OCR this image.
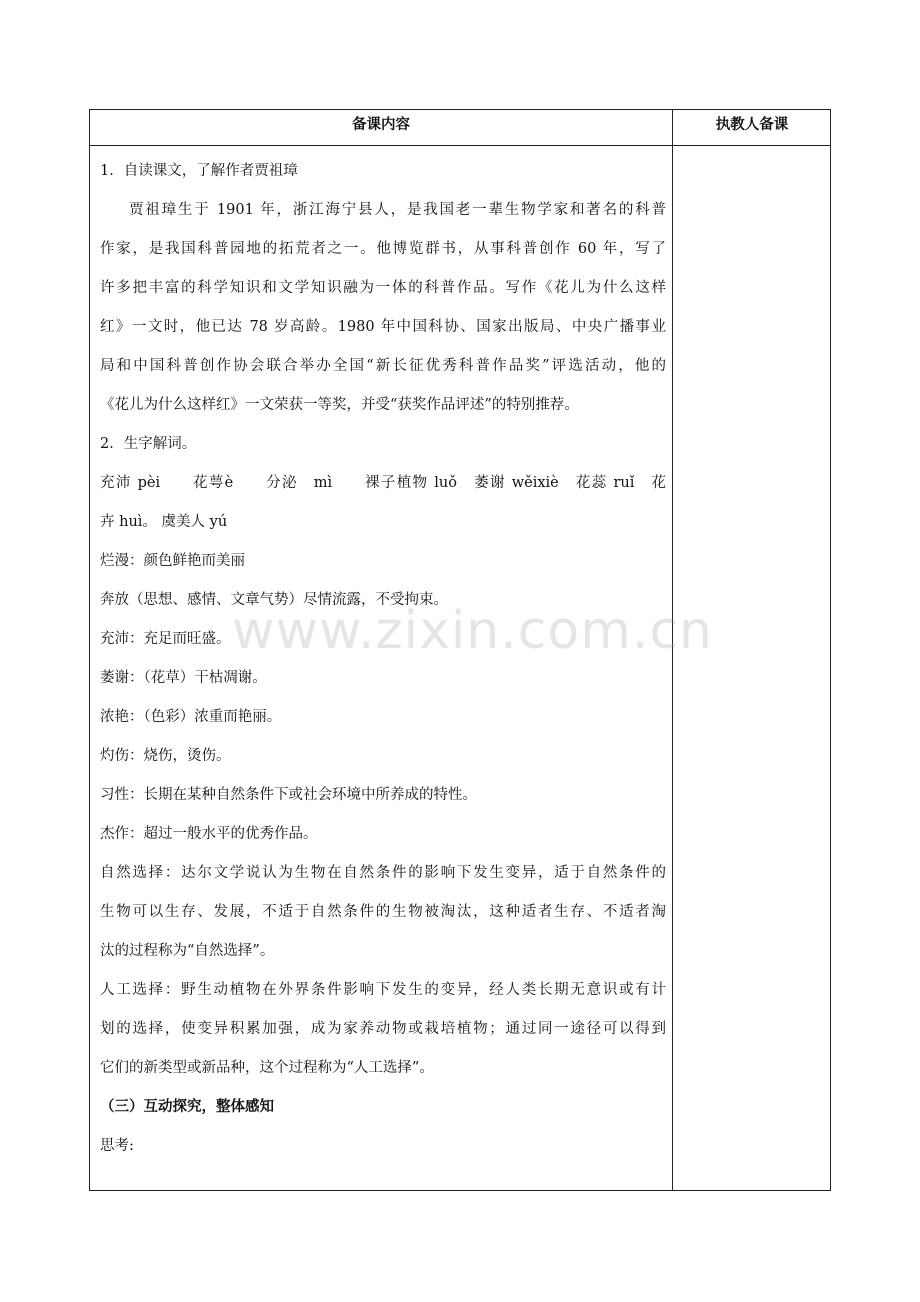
备课内容	执教人备课
1．自读课文，了解作者贾祖璋
贾祖璋生于 1901 年，浙江海宁县人，是我国老一辈生物学家和著名的科普
作家，是我国科普园地的拓荒者之一。他博览群书，从事科普创作 60 年，写了
许多把丰富的科学知识和文学知识融为一体的科普作品。写作《花儿为什么这样
红》一文时，他已达 78 岁高龄。1980 年中国科协、国家出版局、中央广播事业
局和中国科普创作协会联合举办全国“新长征优秀科普作品奖”评选活动，他的
《花儿为什么这样红》一文荣获一等奖，并受“获奖作品评述”的特别推荐。
2．生字解词。
充沛 pèi　　花萼è　　分泌　mì　　裸子植物 luǒ　萎谢 wěixiè　花蕊 ruǐ　花
卉 huì。 虞美人 yú
烂漫：颜色鲜艳而美丽
奔放（思想、感情、文章气势）尽情流露，不受拘束。
充沛：充足而旺盛。
萎谢：（花草）干枯凋谢。
浓艳：（色彩）浓重而艳丽。
灼伤：烧伤，烫伤。
习性：长期在某种自然条件下或社会环境中所养成的特性。
杰作：超过一般水平的优秀作品。
自然选择：达尔文学说认为生物在自然条件的影响下发生变异，适于自然条件的
生物可以生存、发展，不适于自然条件的生物被淘汰，这种适者生存、不适者淘
汰的过程称为“自然选择”。
人工选择：野生动植物在外界条件影响下发生的变异，经人类长期无意识或有计
划的选择，使变异积累加强，成为家养动物或栽培植物；通过同一途径可以得到
它们的新类型或新品种，这个过程称为“人工选择”。
（三）互动探究，整体感知
思考:
www.zixin.com.cn
